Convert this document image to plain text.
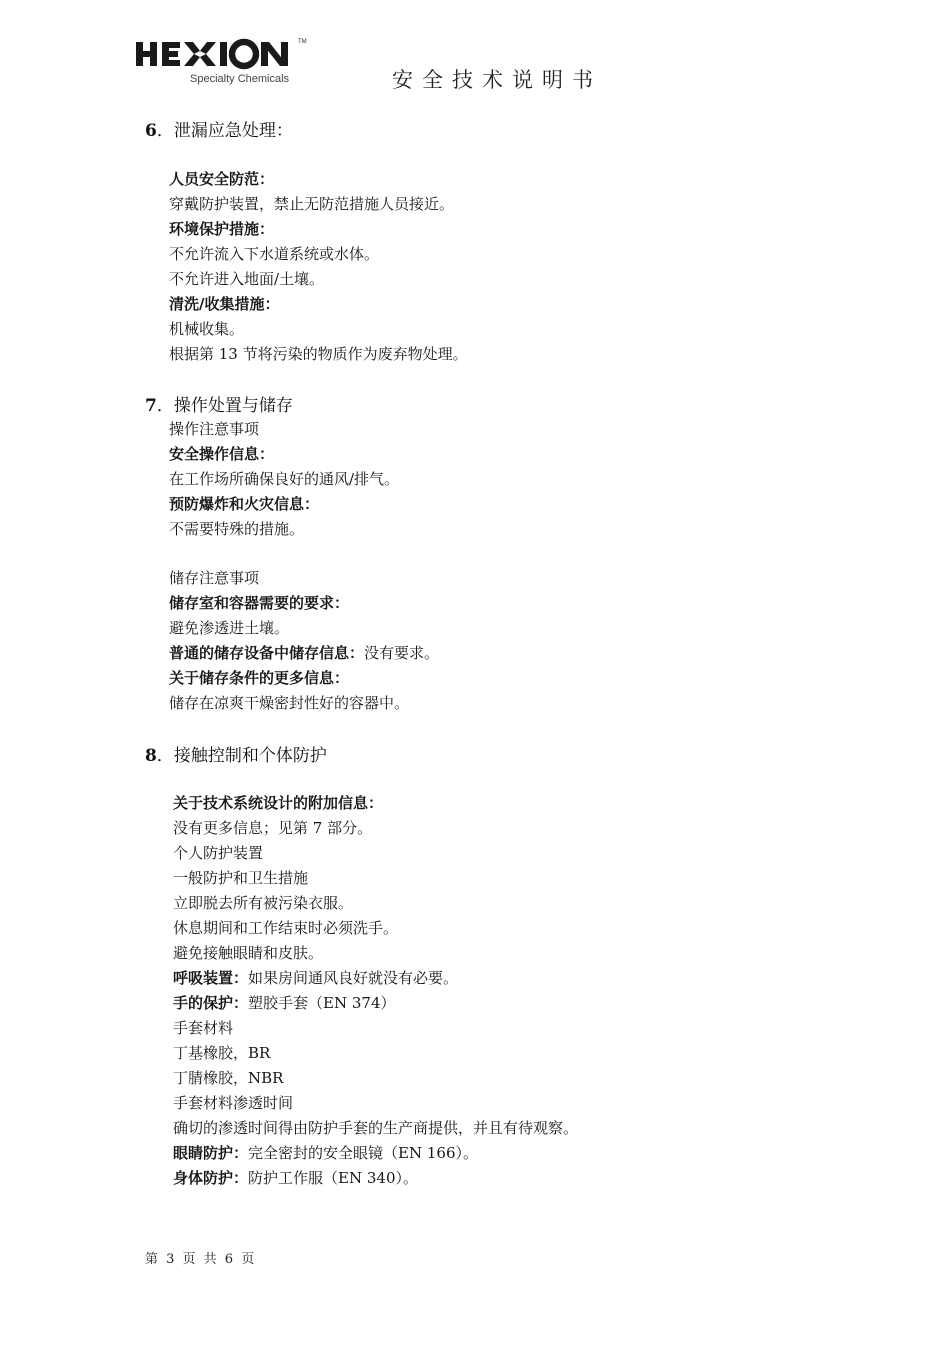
TM
Specialty Chemicals	安全技术说明书
6．泄漏应急处理：
人员安全防范：
穿戴防护装置，禁止无防范措施人员接近。
环境保护措施：
不允许流入下水道系统或水体。
不允许进入地面/土壤。
清洗/收集措施：
机械收集。
根据第 13 节将污染的物质作为废弃物处理。
7．操作处置与储存
操作注意事项
安全操作信息：
在工作场所确保良好的通风/排气。
预防爆炸和火灾信息：
不需要特殊的措施。
储存注意事项
储存室和容器需要的要求：
避免渗透进土壤。
普通的储存设备中储存信息：没有要求。
关于储存条件的更多信息：
储存在凉爽干燥密封性好的容器中。
8．接触控制和个体防护
关于技术系统设计的附加信息：
没有更多信息；见第 7 部分。
个人防护装置
一般防护和卫生措施
立即脱去所有被污染衣服。
休息期间和工作结束时必须洗手。
避免接触眼睛和皮肤。
呼吸装置：如果房间通风良好就没有必要。
手的保护：塑胶手套（EN 374）
手套材料
丁基橡胶，BR
丁腈橡胶，NBR
手套材料渗透时间
确切的渗透时间得由防护手套的生产商提供，并且有待观察。
眼睛防护：完全密封的安全眼镜（EN 166）。
身体防护：防护工作服（EN 340）。
第 3 页 共 6 页
